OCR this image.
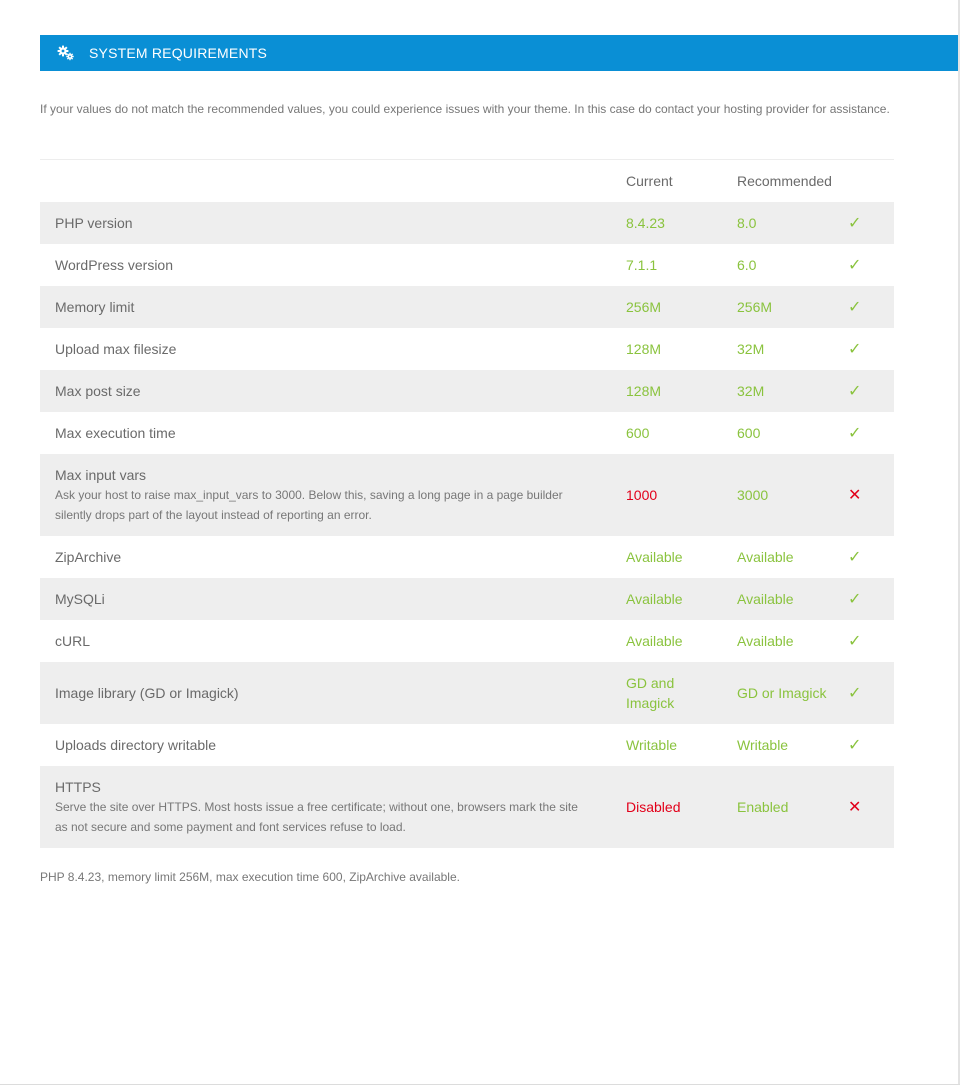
SYSTEM REQUIREMENTS
If your values do not match the recommended values, you could experience issues with your theme. In this case do contact your hosting provider for assistance.
	Current	Recommended	

PHP version	8.4.23	8.0	✓

WordPress version	7.1.1	6.0	✓

Memory limit	256M	256M	✓

Upload max filesize	128M	32M	✓

Max post size	128M	32M	✓

Max execution time	600	600	✓

Max input vars
Ask your host to raise max_input_vars to 3000. Below this, saving a long page in a page builder silently drops part of the layout instead of reporting an error.	1000	3000	✕

ZipArchive	Available	Available	✓

MySQLi	Available	Available	✓

cURL	Available	Available	✓

Image library (GD or Imagick)	GD and Imagick	GD or Imagick	✓

Uploads directory writable	Writable	Writable	✓

HTTPS
Serve the site over HTTPS. Most hosts issue a free certificate; without one, browsers mark the site as not secure and some payment and font services refuse to load.	Disabled	Enabled	✕
PHP 8.4.23, memory limit 256M, max execution time 600, ZipArchive available.
